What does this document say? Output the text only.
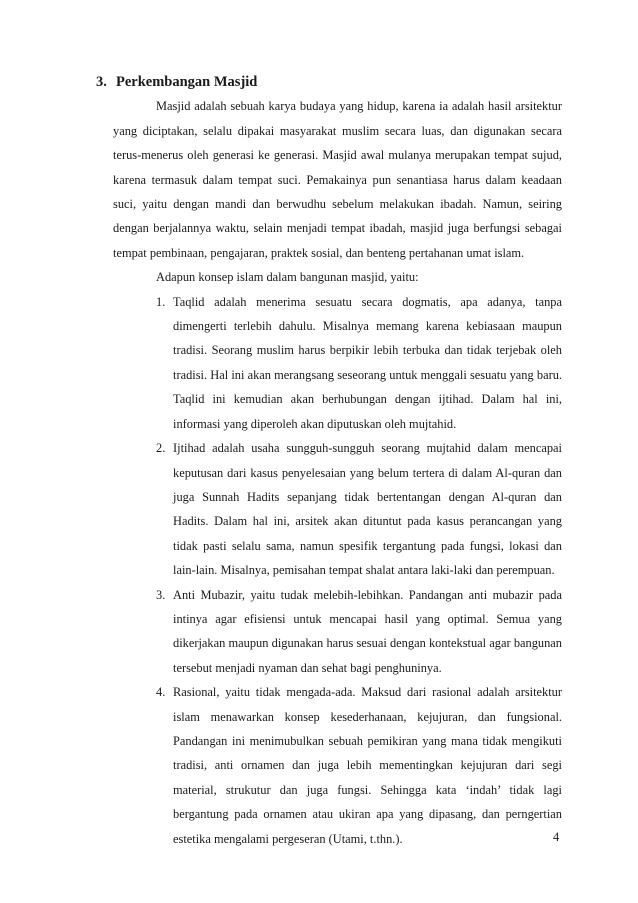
3. Perkembangan Masjid

Masjid adalah sebuah karya budaya yang hidup, karena ia adalah hasil arsitektur yang diciptakan, selalu dipakai masyarakat muslim secara luas, dan digunakan secara terus-menerus oleh generasi ke generasi. Masjid awal mulanya merupakan tempat sujud, karena termasuk dalam tempat suci. Pemakainya pun senantiasa harus dalam keadaan suci, yaitu dengan mandi dan berwudhu sebelum melakukan ibadah. Namun, seiring dengan berjalannya waktu, selain menjadi tempat ibadah, masjid juga berfungsi sebagai tempat pembinaan, pengajaran, praktek sosial, dan benteng pertahanan umat islam.

Adapun konsep islam dalam bangunan masjid, yaitu:

1. Taqlid adalah menerima sesuatu secara dogmatis, apa adanya, tanpa dimengerti terlebih dahulu. Misalnya memang karena kebiasaan maupun tradisi. Seorang muslim harus berpikir lebih terbuka dan tidak terjebak oleh tradisi. Hal ini akan merangsang seseorang untuk menggali sesuatu yang baru. Taqlid ini kemudian akan berhubungan dengan ijtihad. Dalam hal ini, informasi yang diperoleh akan diputuskan oleh mujtahid.
2. Ijtihad adalah usaha sungguh-sungguh seorang mujtahid dalam mencapai keputusan dari kasus penyelesaian yang belum tertera di dalam Al-quran dan juga Sunnah Hadits sepanjang tidak bertentangan dengan Al-quran dan Hadits. Dalam hal ini, arsitek akan dituntut pada kasus perancangan yang tidak pasti selalu sama, namun spesifik tergantung pada fungsi, lokasi dan lain-lain. Misalnya, pemisahan tempat shalat antara laki-laki dan perempuan.
3. Anti Mubazir, yaitu tudak melebih-lebihkan. Pandangan anti mubazir pada intinya agar efisiensi untuk mencapai hasil yang optimal. Semua yang dikerjakan maupun digunakan harus sesuai dengan kontekstual agar bangunan tersebut menjadi nyaman dan sehat bagi penghuninya.
4. Rasional, yaitu tidak mengada-ada. Maksud dari rasional adalah arsitektur islam menawarkan konsep kesederhanaan, kejujuran, dan fungsional. Pandangan ini menimubulkan sebuah pemikiran yang mana tidak mengikuti tradisi, anti ornamen dan juga lebih mementingkan kejujuran dari segi material, strukutur dan juga fungsi. Sehingga kata ‘indah’ tidak lagi bergantung pada ornamen atau ukiran apa yang dipasang, dan perngertian estetika mengalami pergeseran (Utami, t.thn.).	4
